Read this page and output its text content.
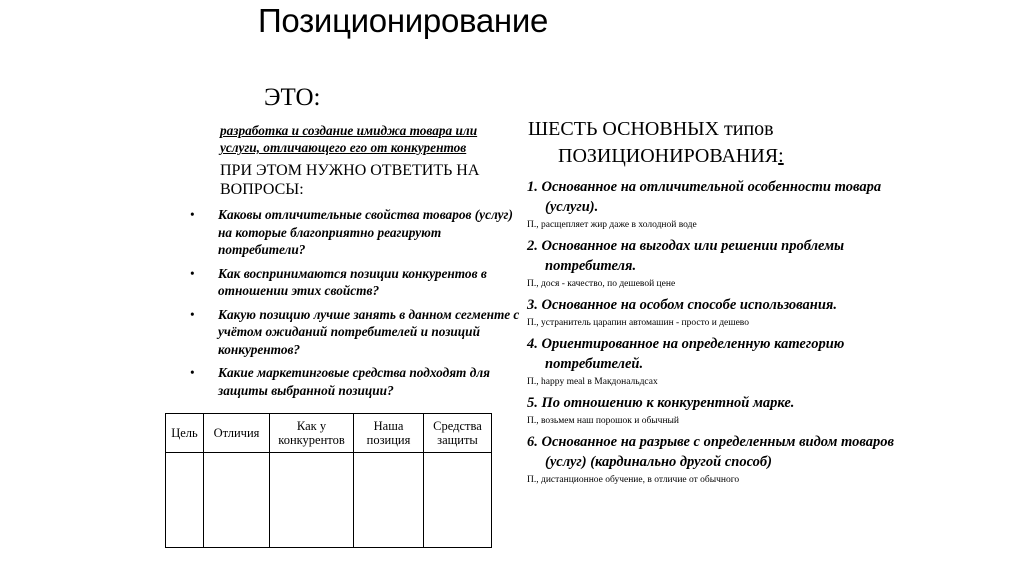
Позиционирование
ЭТО:
разработка и создание имиджа товара или услуги, отличающего его от конкурентов
ПРИ ЭТОМ НУЖНО ОТВЕТИТЬ НА ВОПРОСЫ:
• Каковы отличительные свойства товаров (услуг) на которые благоприятно реагируют потребители?
• Как воспринимаются позиции конкурентов в отношении этих свойств?
• Какую позицию лучше занять в данном сегменте с учётом ожиданий потребителей и позиций конкурентов?
• Какие маркетинговые средства подходят для защиты выбранной позиции?
Цель	Отличия	Как у конкурентов	Наша позиция	Средства защиты

ШЕСТЬ ОСНОВНЫХ типов
ПОЗИЦИОНИРОВАНИЯ:
1. Основанное на отличительной особенности товара (услуги).
П., расщепляет жир даже в холодной воде
2. Основанное на выгодах или решении проблемы потребителя.
П., дося - качество, по дешевой цене
3. Основанное на особом способе использования.
П., устранитель царапин автомашин - просто и дешево
4. Ориентированное на определенную категорию потребителей.
П., happy meal в Макдональдсах
5. По отношению к конкурентной марке.
П., возьмем наш порошок и обычный
6. Основанное на разрыве с определенным видом товаров (услуг) (кардинально другой способ)
П., дистанционное обучение, в отличие от обычного
